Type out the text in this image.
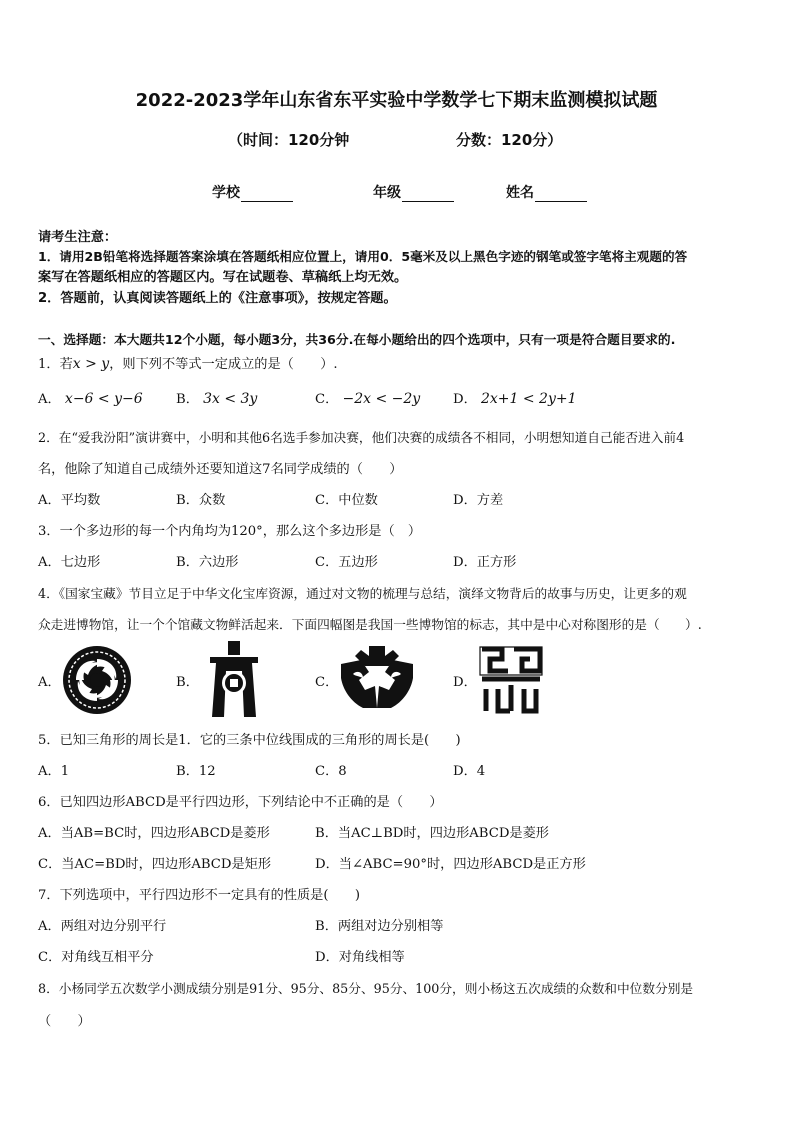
2022-2023学年山东省东平实验中学数学七下期末监测模拟试题
（时间：120分钟	分数：120分）
学校	年级	姓名
请考生注意：
1．请用2B铅笔将选择题答案涂填在答题纸相应位置上，请用0．5毫米及以上黑色字迹的钢笔或签字笔将主观题的答
案写在答题纸相应的答题区内。写在试题卷、草稿纸上均无效。
2．答题前，认真阅读答题纸上的《注意事项》，按规定答题。
一、选择题：本大题共12个小题，每小题3分，共36分.在每小题给出的四个选项中，只有一项是符合题目要求的.
1．若x > y，则下列不等式一定成立的是（　　）.
A． x−6 < y−6	B． 3x < 3y	C． −2x < −2y D． 2x+1 < 2y+1
2．在“爱我汾阳”演讲赛中，小明和其他6名选手参加决赛，他们决赛的成绩各不相同，小明想知道自己能否进入前4
名，他除了知道自己成绩外还要知道这7名同学成绩的（　　）
A．平均数	B．众数	C．中位数	D．方差
3．一个多边形的每一个内角均为120°，那么这个多边形是（　）
A．七边形	B．六边形	C．五边形	D．正方形
4．《国家宝藏》节目立足于中华文化宝库资源，通过对文物的梳理与总结，演绎文物背后的故事与历史，让更多的观
众走进博物馆，让一个个馆藏文物鲜活起来．下面四幅图是我国一些博物馆的标志，其中是中心对称图形的是（　　）.
A．	B．	C．	D．
5．已知三角形的周长是1．它的三条中位线围成的三角形的周长是(　　)
A．1	B．12	C．8	D．4
6．已知四边形ABCD是平行四边形，下列结论中不正确的是（　　）
A．当AB=BC时，四边形ABCD是菱形	B．当AC⊥BD时，四边形ABCD是菱形
C．当AC=BD时，四边形ABCD是矩形	D．当∠ABC=90°时，四边形ABCD是正方形
7．下列选项中，平行四边形不一定具有的性质是(　　)
A．两组对边分别平行	B．两组对边分别相等
C．对角线互相平分	D．对角线相等
8．小杨同学五次数学小测成绩分别是91分、95分、85分、95分、100分，则小杨这五次成绩的众数和中位数分别是
（　　）
